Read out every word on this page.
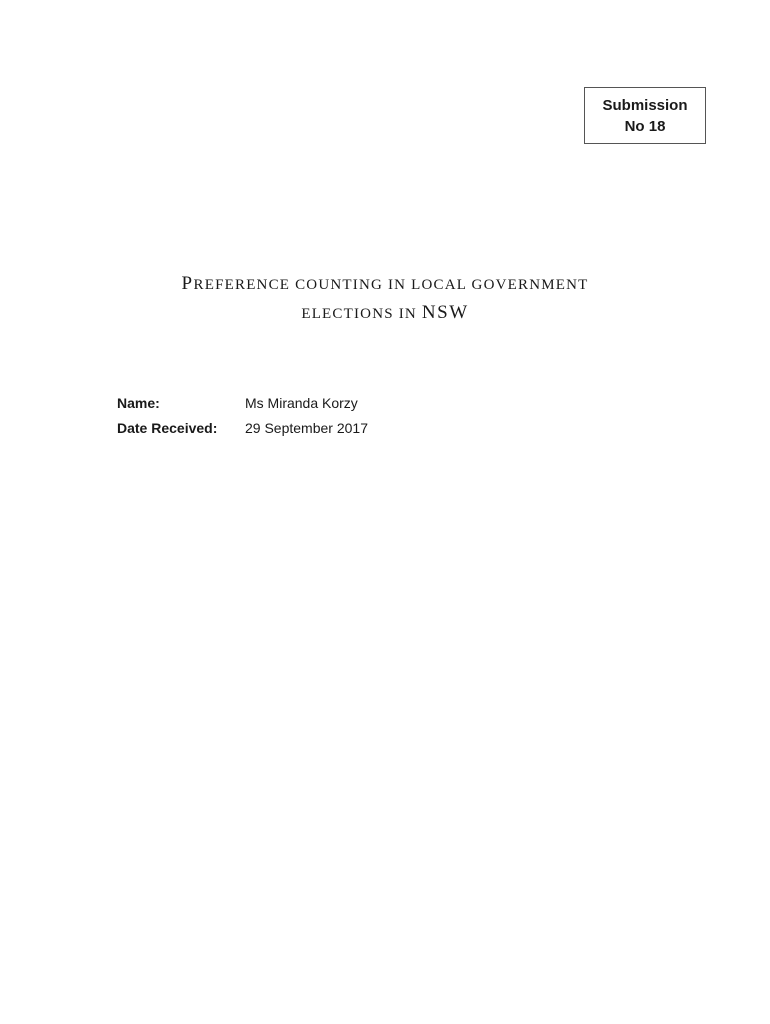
Submission
No 18
PREFERENCE COUNTING IN LOCAL GOVERNMENT
ELECTIONS IN NSW
Name:	Ms Miranda Korzy
Date Received:	29 September 2017
